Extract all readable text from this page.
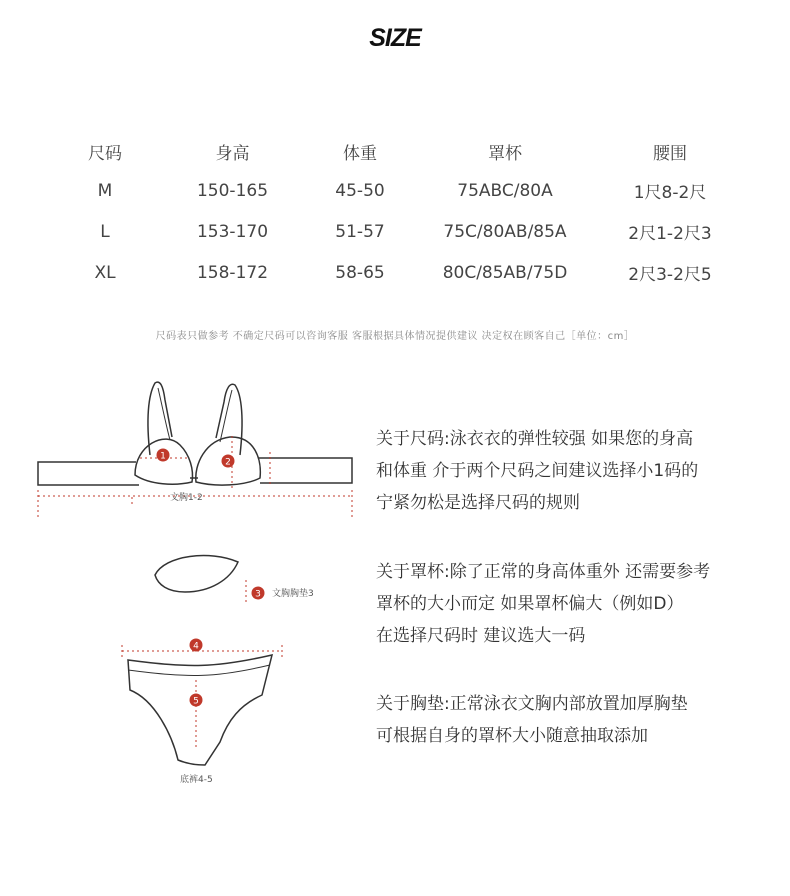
SIZE
尺码	身高	体重	罩杯	腰围
M	150-165	45-50	75ABC/80A	1尺8-2尺
L	153-170	51-57	75C/80AB/85A	2尺1-2尺3
XL	158-172	58-65	80C/85AB/75D	2尺3-2尺5
尺码表只做参考 不确定尺码可以咨询客服 客服根据具体情况提供建议 决定权在顾客自己［单位：cm］
1
2
3
4
5
文胸1-2
文胸胸垫3
底裤4-5
关于尺码:泳衣衣的弹性较强 如果您的身高
和体重 介于两个尺码之间建议选择小1码的
宁紧勿松是选择尺码的规则
关于罩杯:除了正常的身高体重外 还需要参考
罩杯的大小而定 如果罩杯偏大（例如D）
在选择尺码时 建议选大一码
关于胸垫:正常泳衣文胸内部放置加厚胸垫
可根据自身的罩杯大小随意抽取添加
